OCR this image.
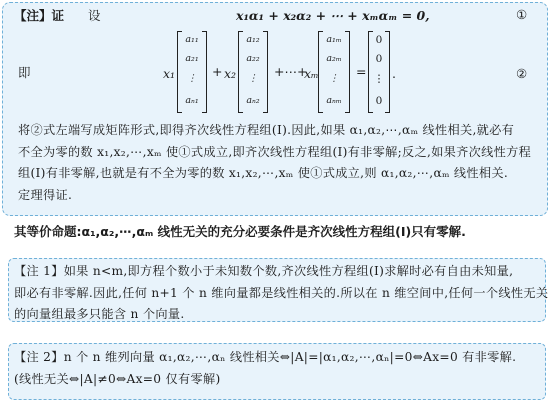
【注】证 设	x₁α₁ + x₂α₂ + ⋯ + xₘαₘ = 0,	①
即	x₁
a₁₁
a₂₁
⋮
aₙ₁
+ x₂
a₁₂
a₂₂
⋮
aₙ₂
+⋯+
xₘ
a₁ₘ
a₂ₘ
⋮
aₙₘ
=
0
0
⋮
0
.	②
将②式左端写成矩阵形式,即得齐次线性方程组(Ⅰ).因此,如果 α₁,α₂,⋯,αₘ 线性相关,就必有
不全为零的数 x₁,x₂,⋯,xₘ 使①式成立,即齐次线性方程组(Ⅰ)有非零解;反之,如果齐次线性方程
组(Ⅰ)有非零解,也就是有不全为零的数 x₁,x₂,⋯,xₘ 使①式成立,则 α₁,α₂,⋯,αₘ 线性相关.
定理得证.
其等价命题:α₁,α₂,⋯,αₘ 线性无关的充分必要条件是齐次线性方程组(Ⅰ)只有零解.
【注 1】如果 n<m,即方程个数小于未知数个数,齐次线性方程组(Ⅰ)求解时必有自由未知量,
即必有非零解.因此,任何 n+1 个 n 维向量都是线性相关的.所以在 n 维空间中,任何一个线性无关
的向量组最多只能含 n 个向量.
【注 2】n 个 n 维列向量 α₁,α₂,⋯,αₙ 线性相关⇔|A|=|α₁,α₂,⋯,αₙ|=0⇔Ax=0 有非零解.
(线性无关⇔|A|≠0⇔Ax=0 仅有零解)
